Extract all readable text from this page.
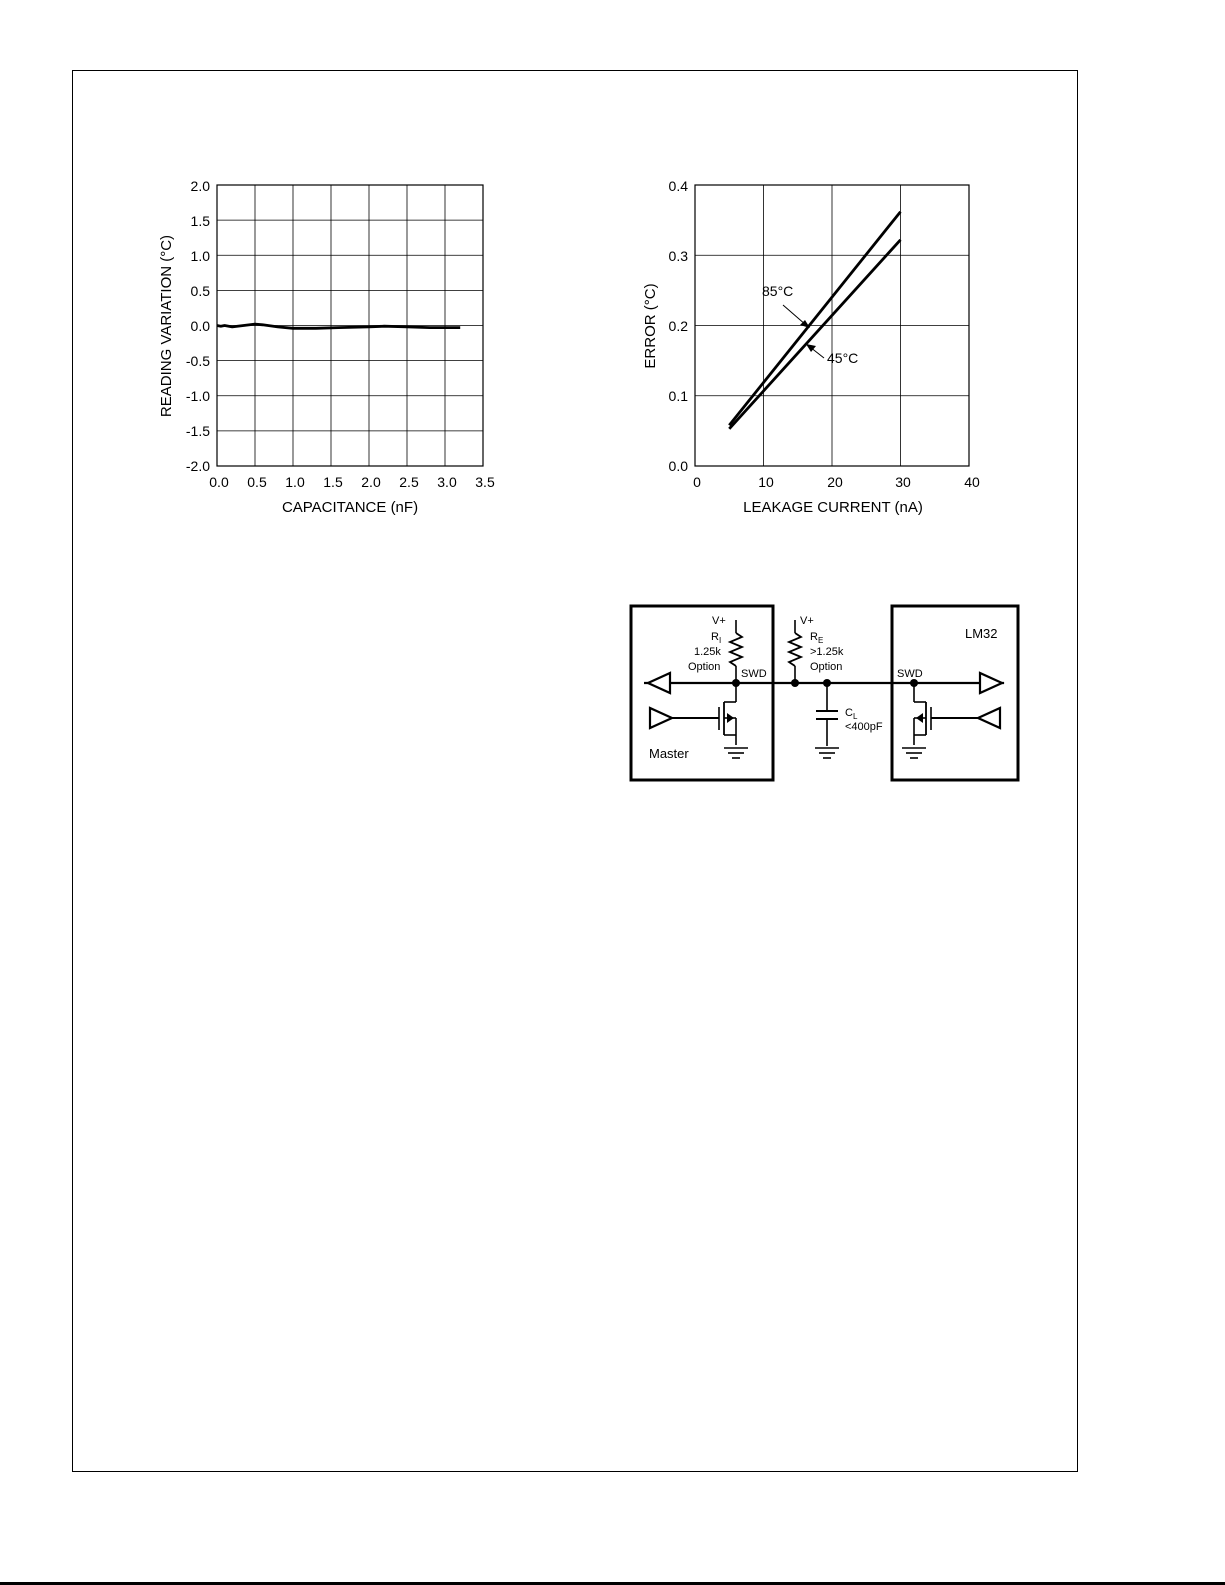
0.0 0.5 1.0 1.5 2.0 2.5 3.0 3.5
2.0
1.5
1.0
0.5
0.0
-0.5
-1.0
-1.5
-2.0
CAPACITANCE (nF)
READING VARIATION (°C)
0	10	20	30	40
0.4
0.3
0.2
0.1
0.0
LEAKAGE CURRENT (nA)
ERROR (°C)	85°C
45°C
V+
$R_I$
1.25k
Option
SWD
Master
V+
$R_E$
>1.25k
Option
$C_L$
<400pF
SWD
LM32
